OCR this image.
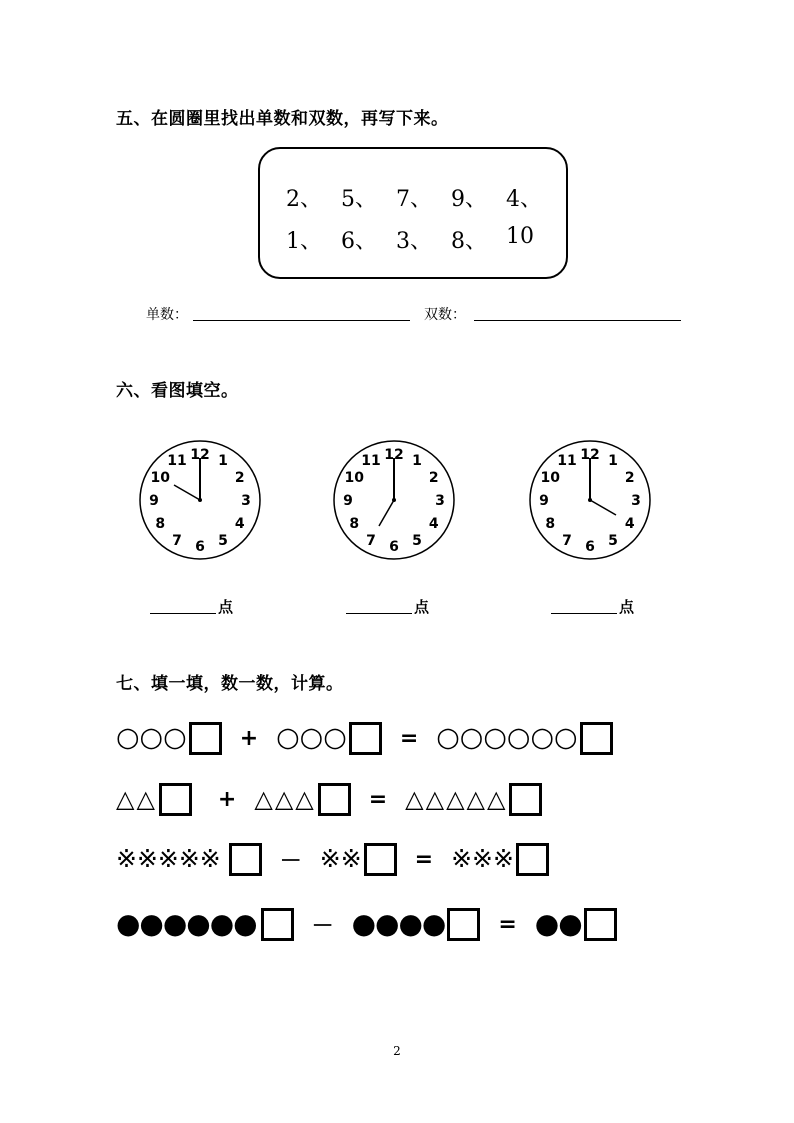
五、在圆圈里找出单数和双数，再写下来。
2、 5、 7、 9、 4、
1、 6、 3、 8、 10
单数：	双数：
六、看图填空。
12 1
2
3
4
5
6
7
8
9
10
11	12 1
2
3
4
5
6
7
8
9
10
11	12 1
2
3
4
5
6
7
8
9
10
11
点	点	点
七、填一填，数一数，计算。
○○○ + ○○○ = ○○○○○○
△△	+ △△△ = △△△△△
※※※※※	－ ※※ = ※※※
●●●●●●	－ ●●●● = ●●
2
